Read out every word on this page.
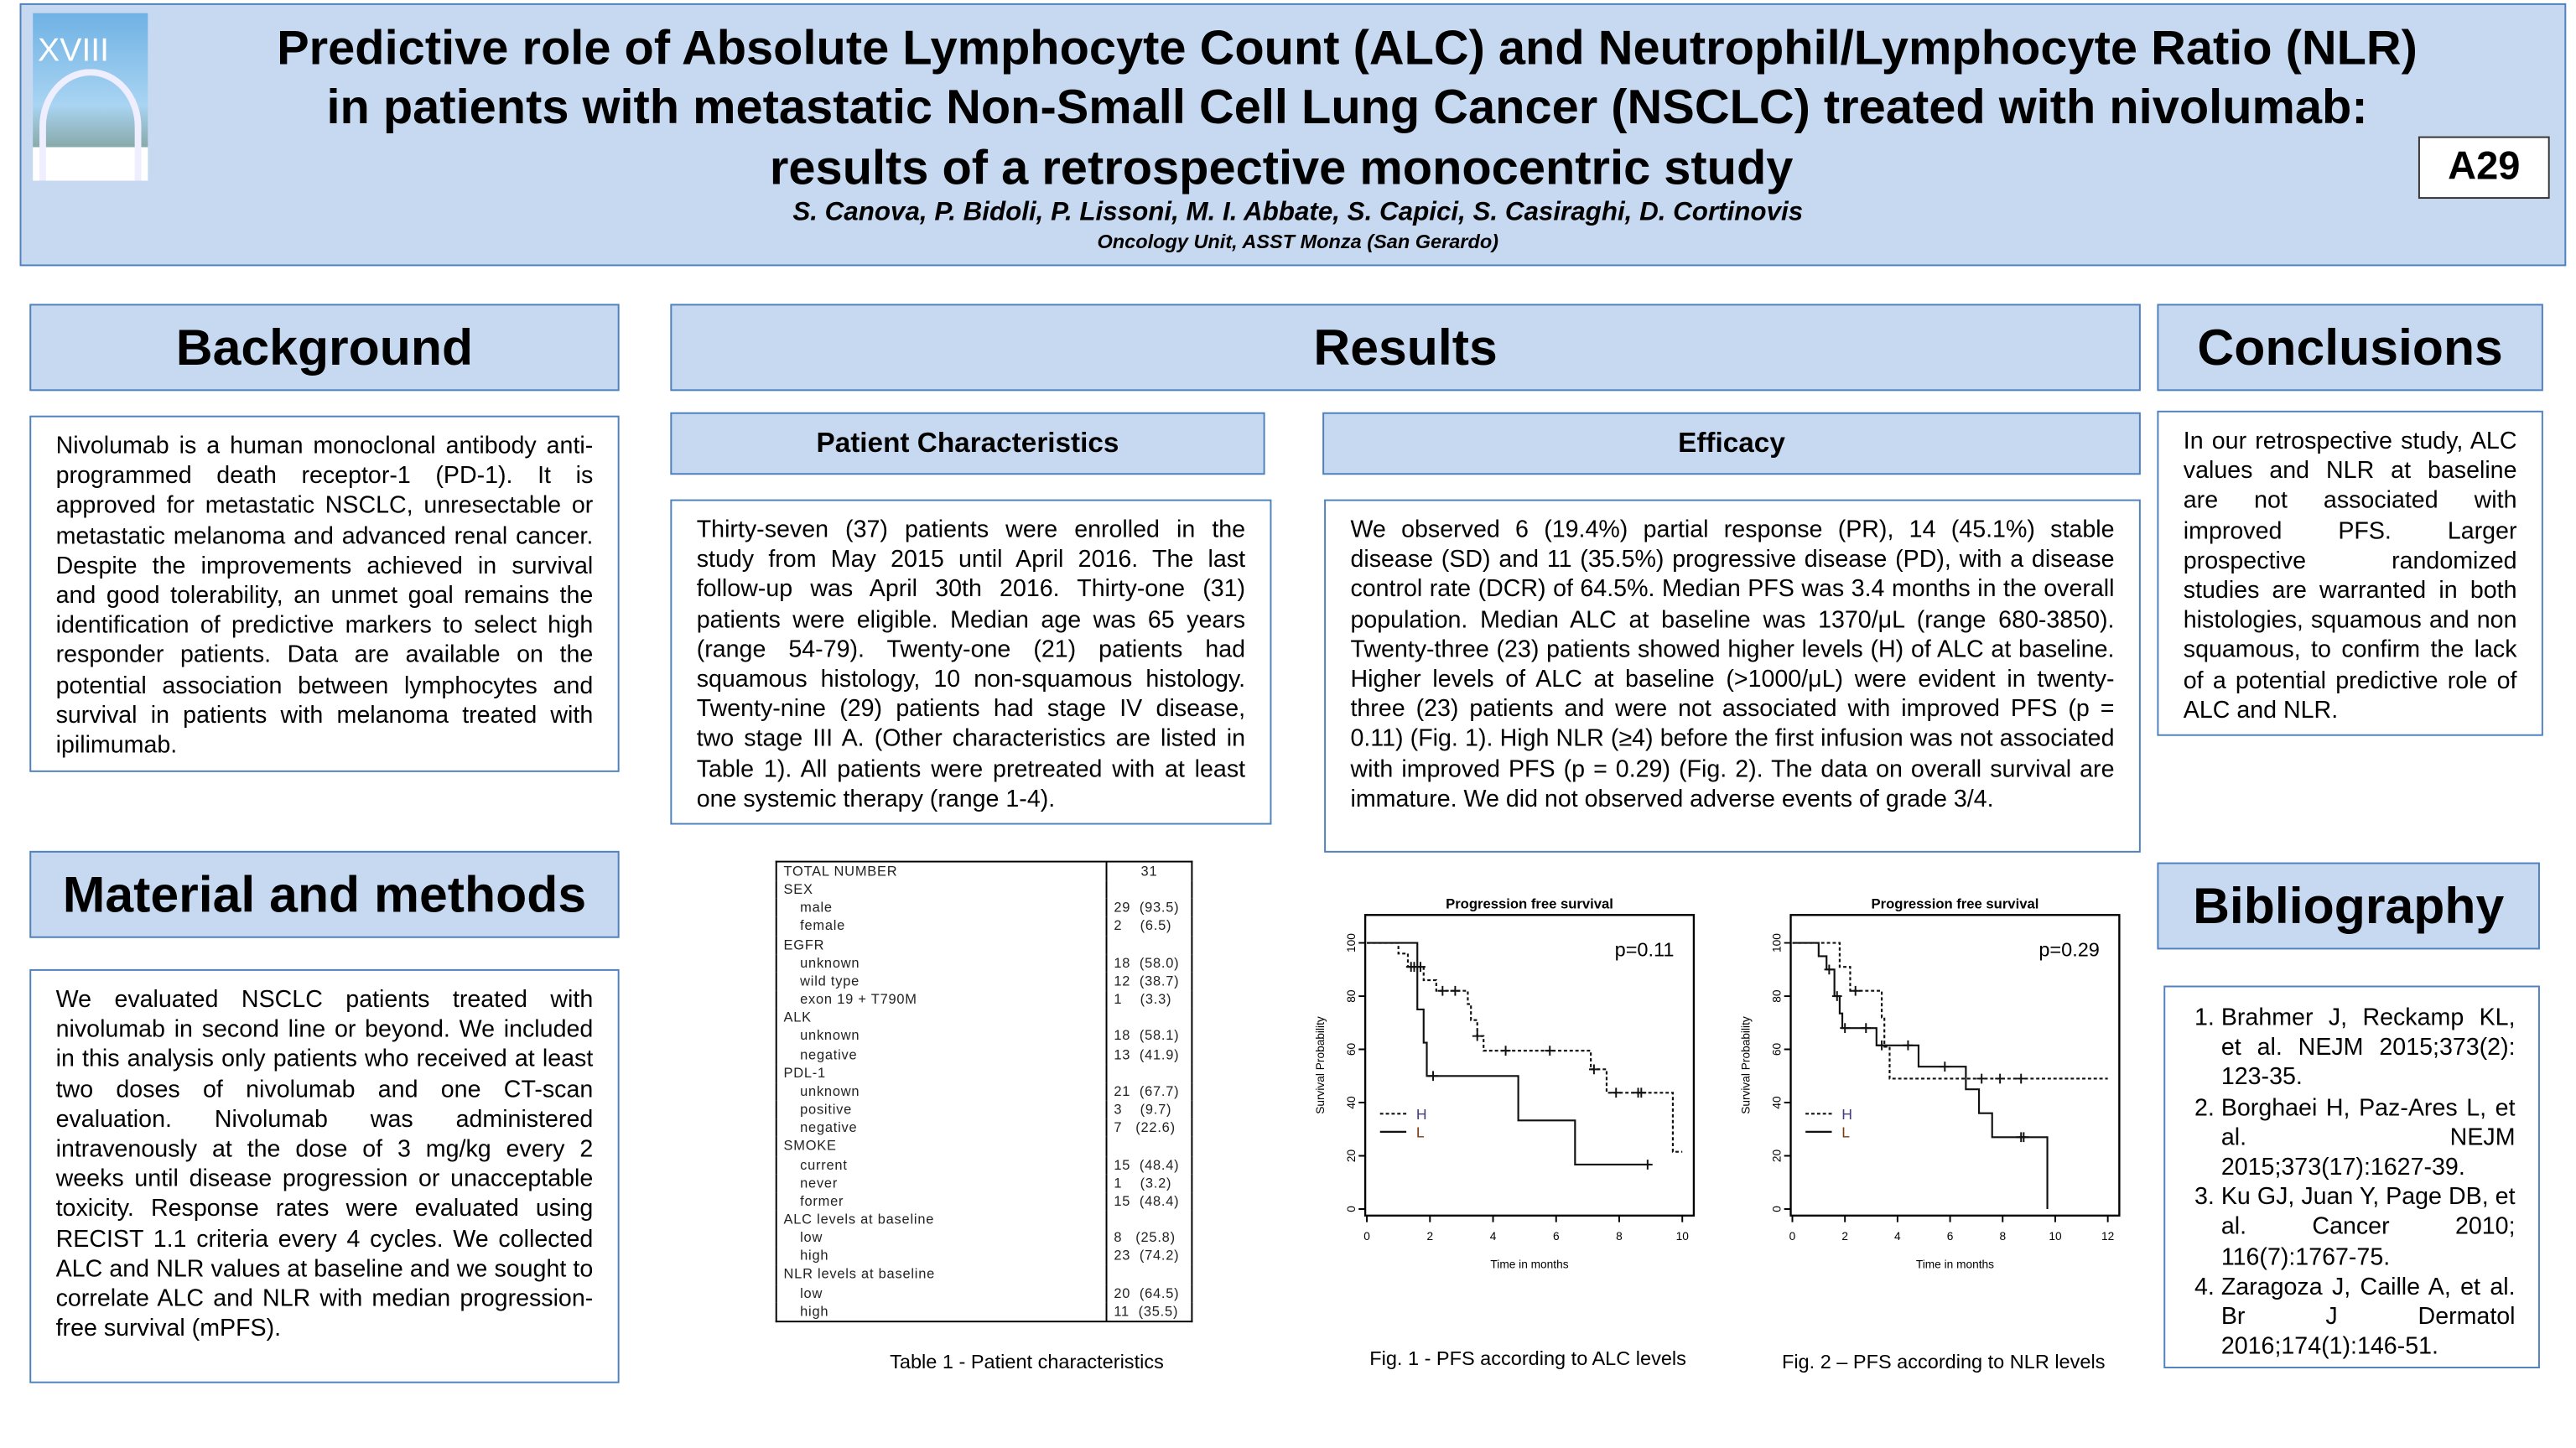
XVIII	Predictive role of Absolute Lymphocyte Count (ALC) and Neutrophil/Lymphocyte Ratio (NLR)
in patients with metastatic Non-Small Cell Lung Cancer (NSCLC) treated with nivolumab:
results of a retrospective monocentric study
S. Canova, P. Bidoli, P. Lissoni, M. I. Abbate, S. Capici, S. Casiraghi, D. Cortinovis
Oncology Unit, ASST Monza (San Gerardo)
A29
Background
Nivolumab is a human monoclonal antibody anti-programmed death receptor-1 (PD-1). It is approved for metastatic NSCLC, unresectable or metastatic melanoma and advanced renal cancer. Despite the improvements achieved in survival and good tolerability, an unmet goal remains the identification of predictive markers to select high responder patients. Data are available on the potential association between lymphocytes and survival in patients with melanoma treated with ipilimumab.
Material and methods
We evaluated NSCLC patients treated with nivolumab in second line or beyond. We included in this analysis only patients who received at least two doses of nivolumab and one CT-scan evaluation. Nivolumab was administered intravenously at the dose of 3 mg/kg every 2 weeks until disease progression or unacceptable toxicity. Response rates were evaluated using RECIST 1.1 criteria every 4 cycles. We collected ALC and NLR values at baseline and we sought to correlate ALC and NLR with median progression-free survival (mPFS).
Results
Patient Characteristics
Thirty-seven (37) patients were enrolled in the study from May 2015 until April 2016. The last follow-up was April 30th 2016. Thirty-one (31) patients were eligible. Median age was 65 years (range 54-79). Twenty-one (21) patients had squamous histology, 10 non-squamous histology. Twenty-nine (29) patients had stage IV disease, two stage III A. (Other characteristics are listed in Table 1). All patients were pretreated with at least one systemic therapy (range 1-4).
Efficacy
We observed 6 (19.4%) partial response (PR), 14 (45.1%) stable disease (SD) and 11 (35.5%) progressive disease (PD), with a disease control rate (DCR) of 64.5%. Median PFS was 3.4 months in the overall population. Median ALC at baseline was 1370/μL (range 680-3850). Twenty-three (23) patients showed higher levels (H) of ALC at baseline. Higher levels of ALC at baseline (>1000/μL) were evident in twenty-three (23) patients and were not associated with improved PFS (p = 0.11) (Fig. 1). High NLR (≥4) before the first infusion was not associated with improved PFS (p = 0.29) (Fig. 2). The data on overall survival are immature. We did not observed adverse events of grade 3/4.
TOTAL NUMBER	31
SEX	
male	29  (93.5)
female	2    (6.5)
EGFR	
unknown	18  (58.0)
wild type	12  (38.7)
exon 19 + T790M	1    (3.3)
ALK	
unknown	18  (58.1)
negative	13  (41.9)
PDL-1	
unknown	21  (67.7)
positive	3    (9.7)
negative	7   (22.6)
SMOKE	
current	15  (48.4)
never	1    (3.2)
former	15  (48.4)
ALC levels at baseline	
low	8   (25.8)
high	23  (74.2)
NLR levels at baseline	
low	20  (64.5)
high	11  (35.5)
Table 1 - Patient characteristics
Progression free survival
p=0.11
0	2	4	6	8	10
0
20
40
60
80
100
Time in months
Survival Probability
H
L
Fig. 1 - PFS according to ALC levels
Progression free survival
p=0.29
0	2	4	6	8	10	12
0
20
40
60
80
100
Time in months
Survival Probability
H
L
Fig. 2 – PFS according to NLR levels
Conclusions
In our retrospective study, ALC values and NLR at baseline are not associated with improved PFS. Larger prospective randomized studies are warranted in both histologies, squamous and non squamous, to confirm the lack of a potential predictive role of ALC and NLR.
Bibliography
1. Brahmer J, Reckamp KL, et al. NEJM 2015;373(2): 123-35.
2. Borghaei H, Paz-Ares L, et al. NEJM 2015;373(17):1627-39.
3. Ku GJ, Juan Y, Page DB, et al. Cancer 2010; 116(7):1767-75.
4. Zaragoza J, Caille A, et al. Br J Dermatol 2016;174(1):146-51.
